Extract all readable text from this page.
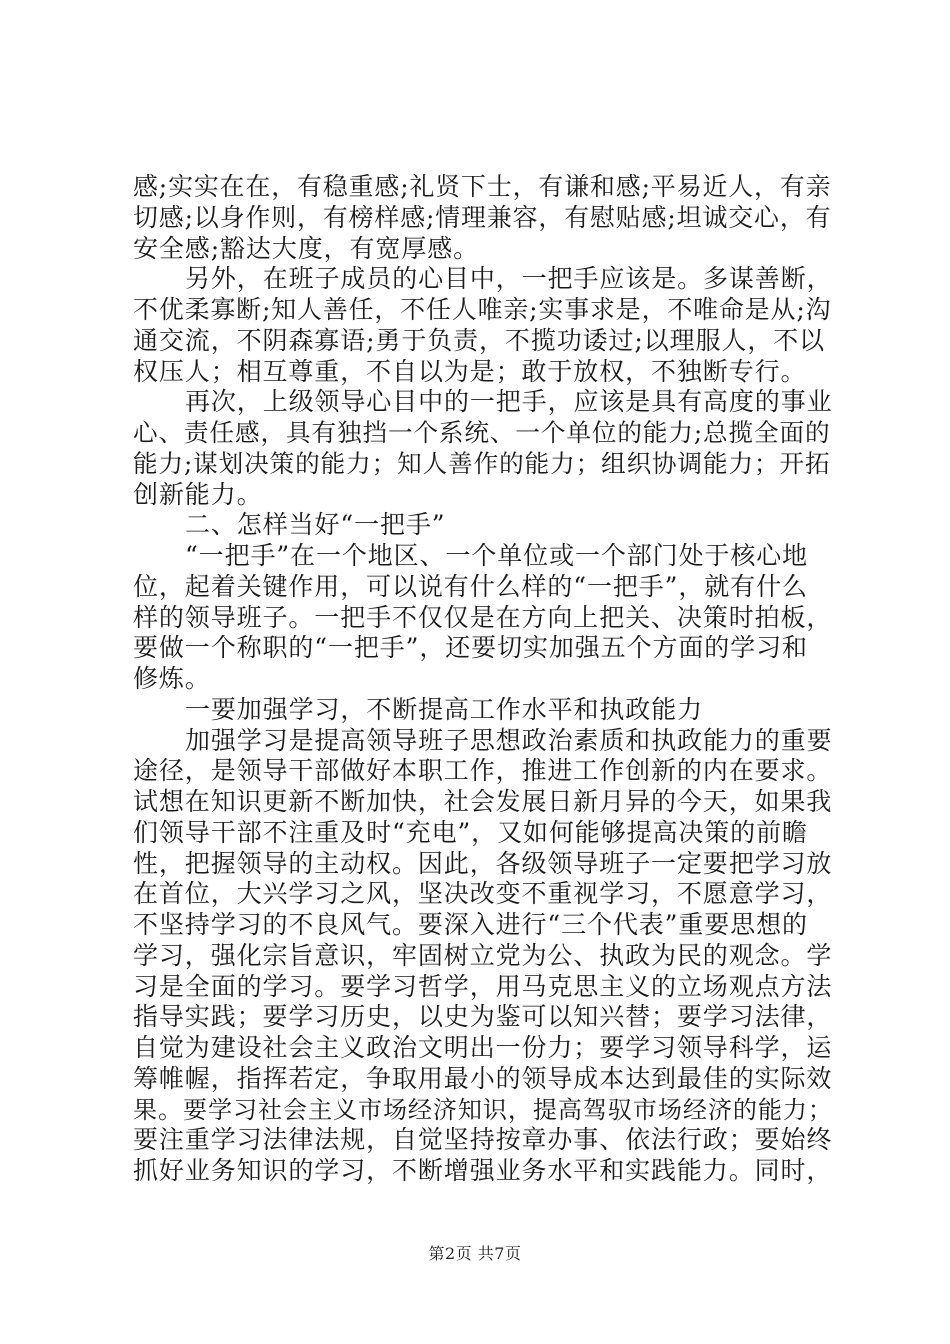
感;实实在在，有稳重感;礼贤下士，有谦和感;平易近人，有亲
切感;以身作则，有榜样感;情理兼容，有慰贴感;坦诚交心，有
安全感;豁达大度，有宽厚感。
另外，在班子成员的心目中，一把手应该是。多谋善断，
不优柔寡断;知人善任，不任人唯亲;实事求是，不唯命是从;沟
通交流，不阴森寡语;勇于负责，不揽功诿过;以理服人，不以
权压人；相互尊重，不自以为是；敢于放权，不独断专行。
再次，上级领导心目中的一把手，应该是具有高度的事业
心、责任感，具有独挡一个系统、一个单位的能力;总揽全面的
能力;谋划决策的能力；知人善作的能力；组织协调能力；开拓
创新能力。
二、怎样当好“一把手”
“一把手”在一个地区、一个单位或一个部门处于核心地
位，起着关键作用，可以说有什么样的“一把手”，就有什么
样的领导班子。一把手不仅仅是在方向上把关、决策时拍板，
要做一个称职的“一把手”，还要切实加强五个方面的学习和
修炼。
一要加强学习，不断提高工作水平和执政能力
加强学习是提高领导班子思想政治素质和执政能力的重要
途径，是领导干部做好本职工作，推进工作创新的内在要求。
试想在知识更新不断加快，社会发展日新月异的今天，如果我
们领导干部不注重及时“充电”，又如何能够提高决策的前瞻
性，把握领导的主动权。因此，各级领导班子一定要把学习放
在首位，大兴学习之风，坚决改变不重视学习，不愿意学习，
不坚持学习的不良风气。要深入进行“三个代表”重要思想的
学习，强化宗旨意识，牢固树立党为公、执政为民的观念。学
习是全面的学习。要学习哲学，用马克思主义的立场观点方法
指导实践；要学习历史，以史为鉴可以知兴替；要学习法律，
自觉为建设社会主义政治文明出一份力；要学习领导科学，运
筹帷幄，指挥若定，争取用最小的领导成本达到最佳的实际效
果。要学习社会主义市场经济知识，提高驾驭市场经济的能力；
要注重学习法律法规，自觉坚持按章办事、依法行政；要始终
抓好业务知识的学习，不断增强业务水平和实践能力。同时，
第2页 共7页
